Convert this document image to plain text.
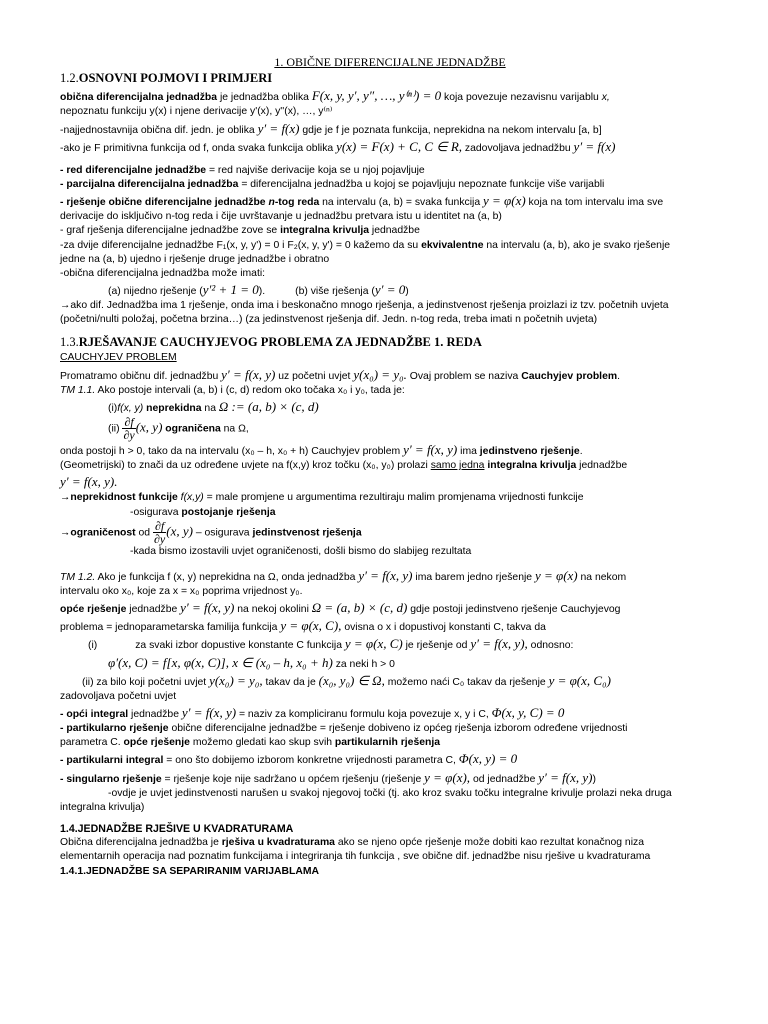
1. OBIČNE DIFERENCIJALNE JEDNADŽBE
1.2.OSNOVNI POJMOVI I PRIMJERI
obična diferencijalna jednadžba je jednadžba oblika F(x, y, y′, y″, …, y⁽ⁿ⁾) = 0 koja povezuje nezavisnu varijablu x,
nepoznatu funkciju y(x) i njene derivacije y'(x), y''(x), …, y⁽ⁿ⁾
-najjednostavnija obična dif. jedn. je oblika y′ = f(x) gdje je f je poznata funkcija, neprekidna na nekom intervalu [a, b]
-ako je F primitivna funkcija od f, onda svaka funkcija oblika y(x) = F(x) + C, C ∈ R, zadovoljava jednadžbu y′ = f(x)
- red diferencijalne jednadžbe = red najviše derivacije koja se u njoj pojavljuje
- parcijalna diferencijalna jednadžba = diferencijalna jednadžba u kojoj se pojavljuju nepoznate funkcije više varijabli
- rješenje obične diferencijalne jednadžbe n-tog reda na intervalu (a, b) = svaka funkcija y = φ(x) koja na tom intervalu ima sve
derivacije do isključivo n-tog reda i čije uvrštavanje u jednadžbu pretvara istu u identitet na (a, b)
- graf rješenja diferencijalne jednadžbe zove se integralna krivulja jednadžbe
-za dvije diferencijalne jednadžbe F₁(x, y, y') = 0 i F₂(x, y, y') = 0 kažemo da su ekvivalentne na intervalu (a, b), ako je svako rješenje
jedne na (a, b) ujedno i rješenje druge jednadžbe i obratno
-obična diferencijalna jednadžba može imati:
(a) nijedno rješenje (y′² + 1 = 0).	(b) više rješenja (y′ = 0)
→ako dif. Jednadžba ima 1 rješenje, onda ima i beskonačno mnogo rješenja, a jedinstvenost rješenja proizlazi iz tzv. početnih uvjeta
(početni/nulti položaj, početna brzina…) (za jedinstvenost rješenja dif. Jedn. n-tog reda, treba imati n početnih uvjeta)
1.3.RJEŠAVANJE CAUCHYJEVOG PROBLEMA ZA JEDNADŽBE 1. REDA
CAUCHYJEV PROBLEM
Promatramo običnu dif. jednadžbu y′ = f(x, y) uz početni uvjet y(x₀) = y₀. Ovaj problem se naziva Cauchyjev problem.
TM 1.1. Ako postoje intervali (a, b) i (c, d) redom oko točaka x₀ i y₀, tada je:
(i)f(x, y) neprekidna na Ω := (a, b) × (c, d)
$(ii) \frac{\partial f}{\partial y} (x$, y) ograničena na Ω,
onda postoji h > 0, tako da na intervalu (x₀ – h, x₀ + h) Cauchyjev problem y′ = f(x, y) ima jedinstveno rješenje.
(Geometrijski) to znači da uz određene uvjete na f(x,y) kroz točku (x₀, y₀) prolazi samo jedna integralna krivulja jednadžbe
y′ = f(x, y).
→neprekidnost funkcije f(x,y) = male promjene u argumentima rezultiraju malim promjenama vrijednosti funkcije
-osigurava postojanje rješenja
→ograničenost od $\frac{\partial f}{\partial y} (x$, y) – osigurava jedinstvenost rješenja
-kada bismo izostavili uvjet ograničenosti, došli bismo do slabijeg rezultata
TM 1.2. Ako je funkcija f (x, y) neprekidna na Ω, onda jednadžba y′ = f(x, y) ima barem jedno rješenje y = φ(x) na nekom
intervalu oko x₀, koje za x = x₀ poprima vrijednost y₀.
opće rješenje jednadžbe y′ = f(x, y) na nekoj okolini Ω = (a, b) × (c, d) gdje postoji jedinstveno rješenje Cauchyjevog
problema = jednoparametarska familija funkcija y = φ(x, C), ovisna o x i dopustivoj konstanti C, takva da
(i)	za svaki izbor dopustive konstante C funkcija y = φ(x, C) je rješenje od y′ = f(x, y), odnosno:
φ′(x, C) = f[x, φ(x, C)], x ∈ (x₀ – h, x₀ + h) za neki h > 0
(ii) za bilo koji početni uvjet y(x₀) = y₀, takav da je (x₀, y₀) ∈ Ω, možemo naći C₀ takav da rješenje y = φ(x, C₀)
zadovoljava početni uvjet
- opći integral jednadžbe y′ = f(x, y) = naziv za kompliciranu formulu koja povezuje x, y i C, Φ(x, y, C) = 0
- partikularno rješenje obične diferencijalne jednadžbe = rješenje dobiveno iz općeg rješenja izborom određene vrijednosti
parametra C. opće rješenje možemo gledati kao skup svih partikularnih rješenja
- partikularni integral = ono što dobijemo izborom konkretne vrijednosti parametra C, Φ(x, y) = 0
- singularno rješenje = rješenje koje nije sadržano u općem rješenju (rješenje y = φ(x), od jednadžbe y′ = f(x, y))
-ovdje je uvjet jedinstvenosti narušen u svakoj njegovoj točki (tj. ako kroz svaku točku integralne krivulje prolazi neka druga
integralna krivulja)
1.4.JEDNADŽBE RJEŠIVE U KVADRATURAMA
Obična diferencijalna jednadžba je rješiva u kvadraturama ako se njeno opće rješenje može dobiti kao rezultat konačnog niza
elementarnih operacija nad poznatim funkcijama i integriranja tih funkcija , sve obične dif. jednadžbe nisu rješive u kvadraturama
1.4.1.JEDNADŽBE SA SEPARIRANIM VARIJABLAMA
